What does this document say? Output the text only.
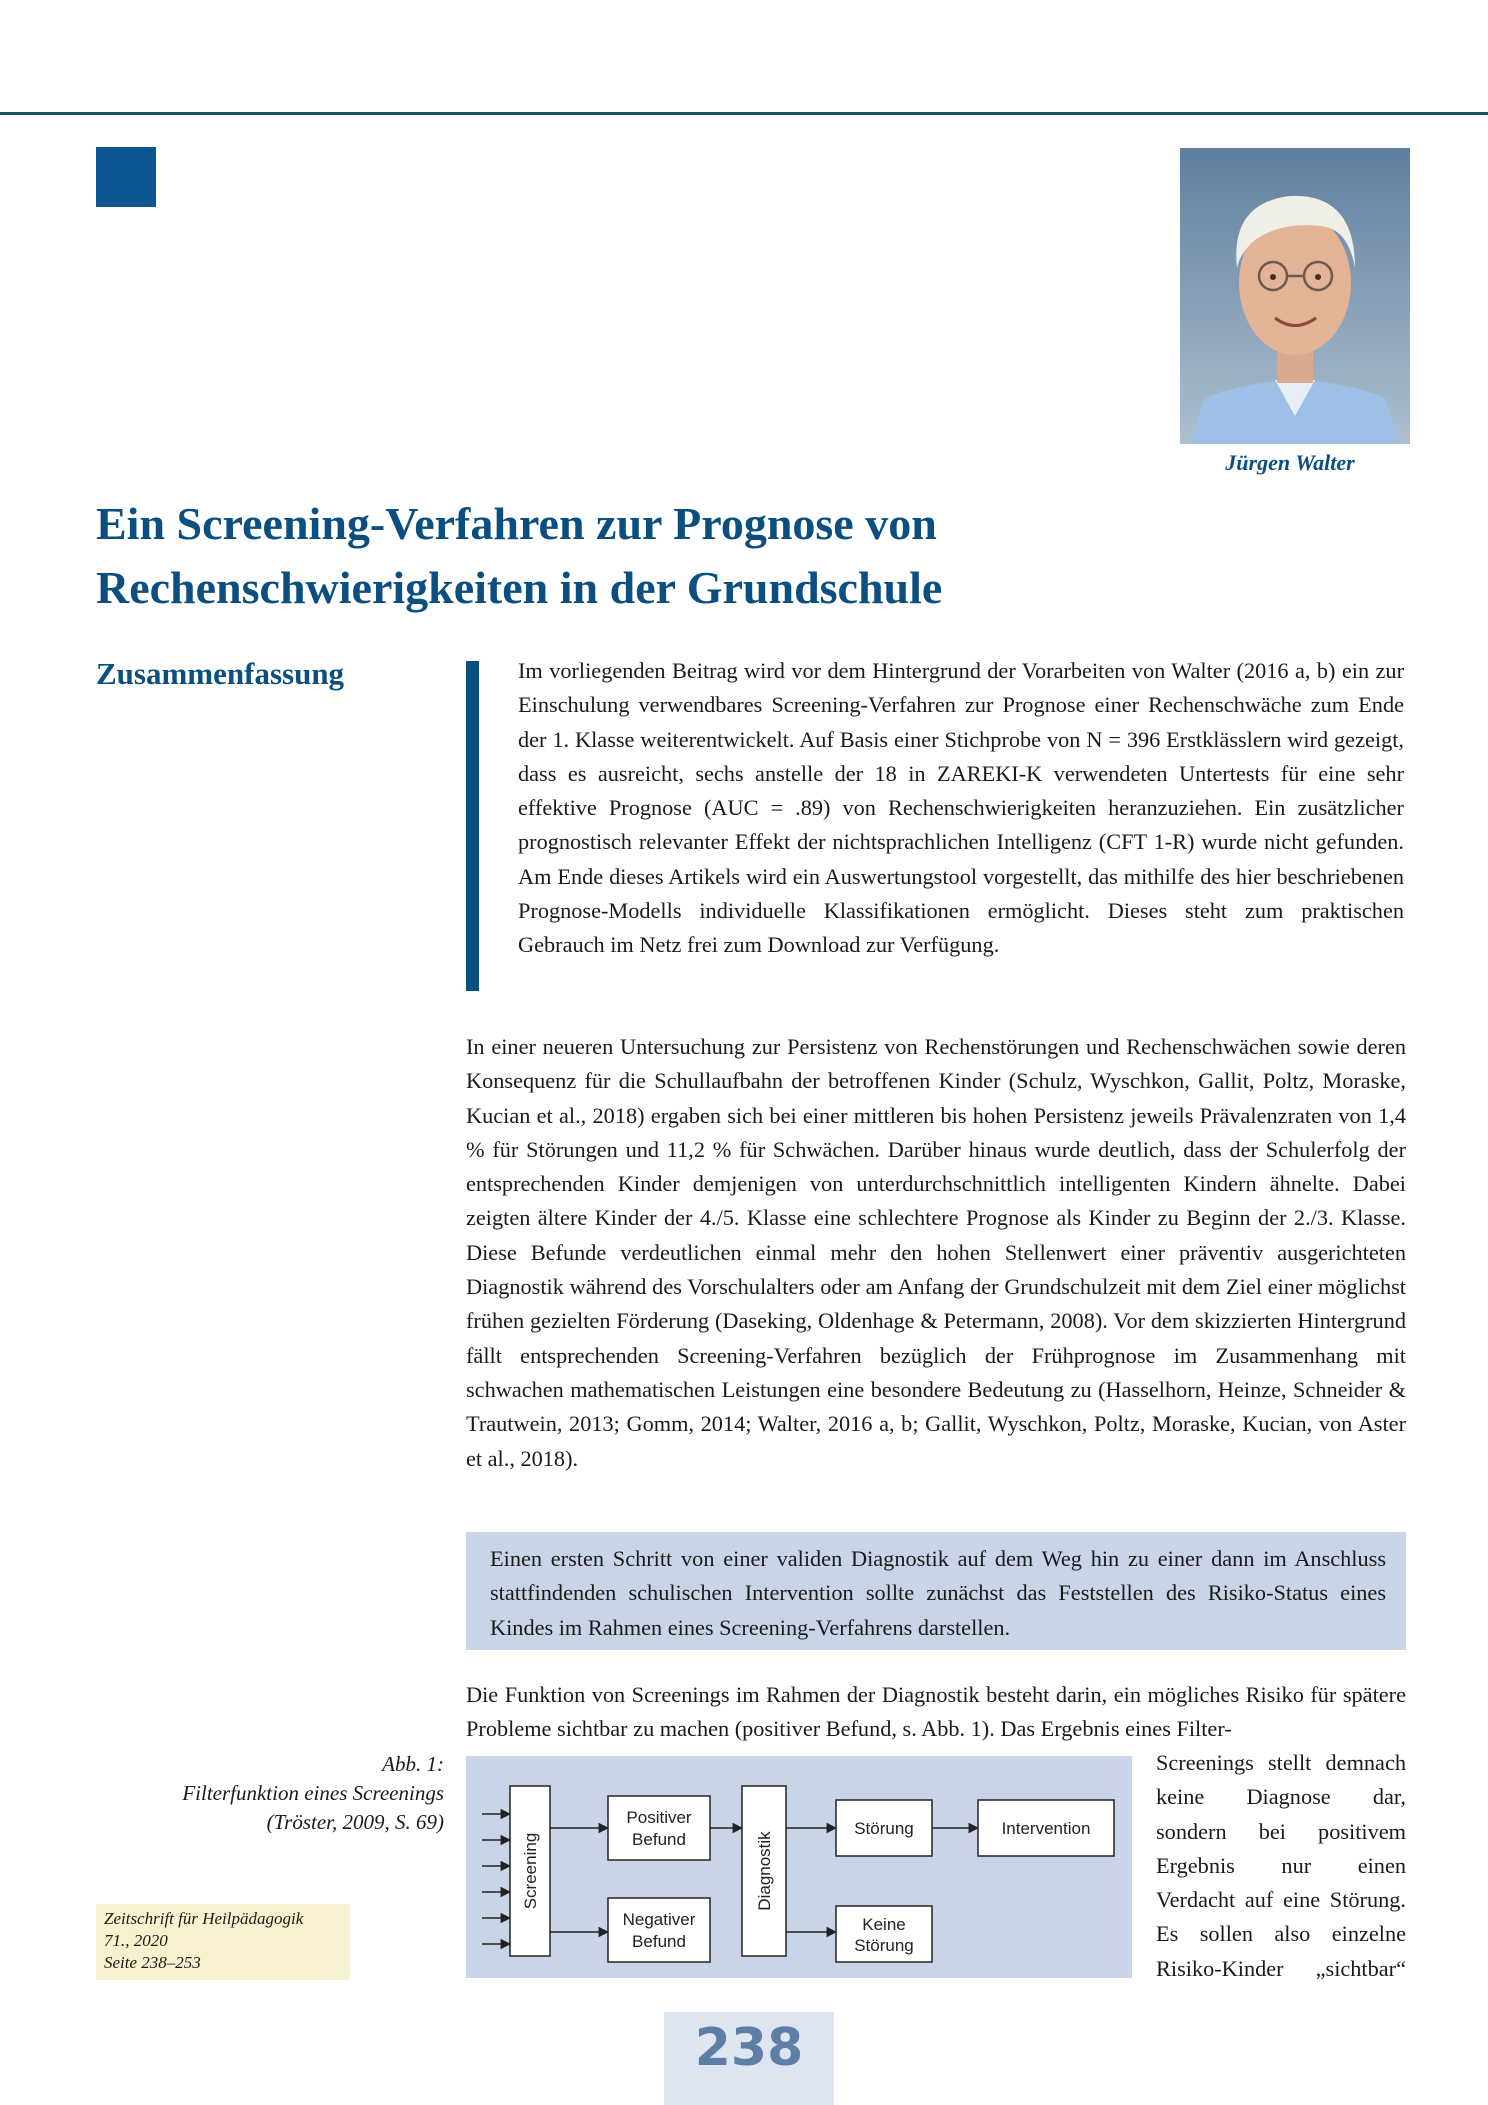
Jürgen Walter
Ein Screening-Verfahren zur Prognose von Rechenschwierigkeiten in der Grundschule
Zusammenfassung	Im vorliegenden Beitrag wird vor dem Hintergrund der Vorarbeiten von Walter (2016 a, b) ein zur Einschulung verwendbares Screening-Verfahren zur Prognose einer Rechenschwäche zum Ende der 1. Klasse weiterentwickelt. Auf Basis einer Stichprobe von N = 396 Erstklässlern wird gezeigt, dass es ausreicht, sechs anstelle der 18 in ZAREKI-K verwendeten Untertests für eine sehr effektive Prognose (AUC = .89) von Rechenschwierigkeiten heranzuziehen. Ein zusätzlicher prognostisch relevanter Effekt der nichtsprachlichen Intelligenz (CFT 1-R) wurde nicht gefunden. Am Ende dieses Artikels wird ein Auswertungstool vorgestellt, das mithilfe des hier beschriebenen Prognose-Modells individuelle Klassifikationen ermöglicht. Dieses steht zum praktischen Gebrauch im Netz frei zum Download zur Verfügung.

In einer neueren Untersuchung zur Persistenz von Rechenstörungen und Rechenschwächen sowie deren Konsequenz für die Schullaufbahn der betroffenen Kinder (Schulz, Wyschkon, Gallit, Poltz, Moraske, Kucian et al., 2018) ergaben sich bei einer mittleren bis hohen Persistenz jeweils Prävalenzraten von 1,4 % für Störungen und 11,2 % für Schwächen. Darüber hinaus wurde deutlich, dass der Schulerfolg der entsprechenden Kinder demjenigen von unterdurchschnittlich intelligenten Kindern ähnelte. Dabei zeigten ältere Kinder der 4./5. Klasse eine schlechtere Prognose als Kinder zu Beginn der 2./3. Klasse. Diese Befunde verdeutlichen einmal mehr den hohen Stellenwert einer präventiv ausgerichteten Diagnostik während des Vorschulalters oder am Anfang der Grundschulzeit mit dem Ziel einer möglichst frühen gezielten Förderung (Daseking, Oldenhage & Petermann, 2008). Vor dem skizzierten Hintergrund fällt entsprechenden Screening-Verfahren bezüglich der Frühprognose im Zusammenhang mit schwachen mathematischen Leistungen eine besondere Bedeutung zu (Hasselhorn, Heinze, Schneider & Trautwein, 2013; Gomm, 2014; Walter, 2016 a, b; Gallit, Wyschkon, Poltz, Moraske, Kucian, von Aster et al., 2018).

Einen ersten Schritt von einer validen Diagnostik auf dem Weg hin zu einer dann im Anschluss stattfindenden schulischen Intervention sollte zunächst das Feststellen des Risiko-Status eines Kindes im Rahmen eines Screening-Verfahrens darstellen.

Die Funktion von Screenings im Rahmen der Diagnostik besteht darin, ein mögliches Risiko für spätere Probleme sichtbar zu machen (positiver Befund, s. Abb. 1). Das Ergebnis eines Filter-

Abb. 1:
Filterfunktion eines Screenings
(Tröster, 2009, S. 69)
Screening
Positiver
Befund
Negativer
Befund
Diagnostik
Störung	Intervention
Keine
Störung

Screenings stellt demnach keine Diagnose dar, sondern bei positivem Ergebnis nur einen Verdacht auf eine Störung. Es sollen also einzelne Risiko-Kinder „sichtbar“

Zeitschrift für Heilpädagogik
71., 2020
Seite 238–253
238
